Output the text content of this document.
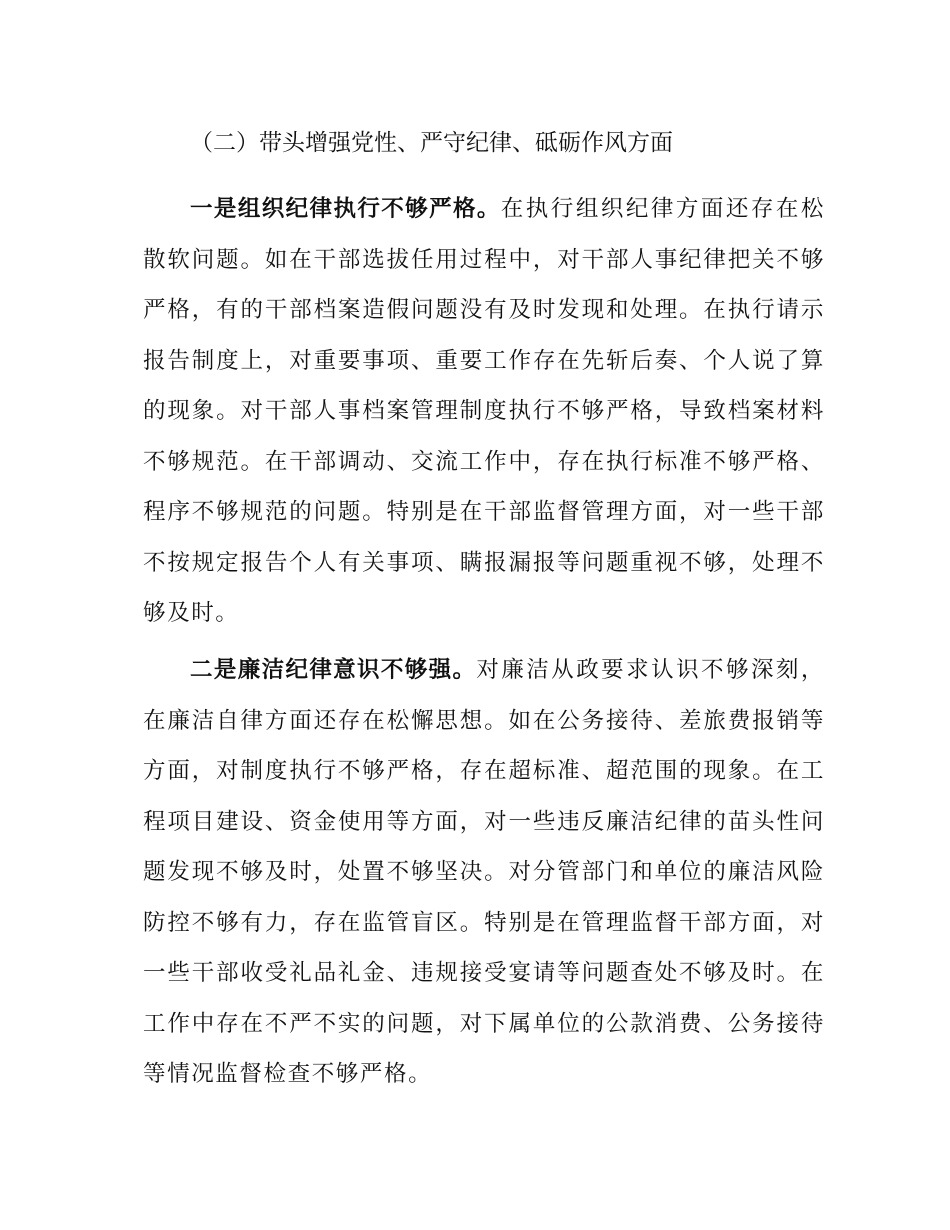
（二）带头增强党性、严守纪律、砥砺作风方面

一是组织纪律执行不够严格。在执行组织纪律方面还存在松散软问题。如在干部选拔任用过程中，对干部人事纪律把关不够严格，有的干部档案造假问题没有及时发现和处理。在执行请示报告制度上，对重要事项、重要工作存在先斩后奏、个人说了算的现象。对干部人事档案管理制度执行不够严格，导致档案材料不够规范。在干部调动、交流工作中，存在执行标准不够严格、程序不够规范的问题。特别是在干部监督管理方面，对一些干部不按规定报告个人有关事项、瞒报漏报等问题重视不够，处理不够及时。

二是廉洁纪律意识不够强。对廉洁从政要求认识不够深刻，在廉洁自律方面还存在松懈思想。如在公务接待、差旅费报销等方面，对制度执行不够严格，存在超标准、超范围的现象。在工程项目建设、资金使用等方面，对一些违反廉洁纪律的苗头性问题发现不够及时，处置不够坚决。对分管部门和单位的廉洁风险防控不够有力，存在监管盲区。特别是在管理监督干部方面，对一些干部收受礼品礼金、违规接受宴请等问题查处不够及时。在工作中存在不严不实的问题，对下属单位的公款消费、公务接待等情况监督检查不够严格。
